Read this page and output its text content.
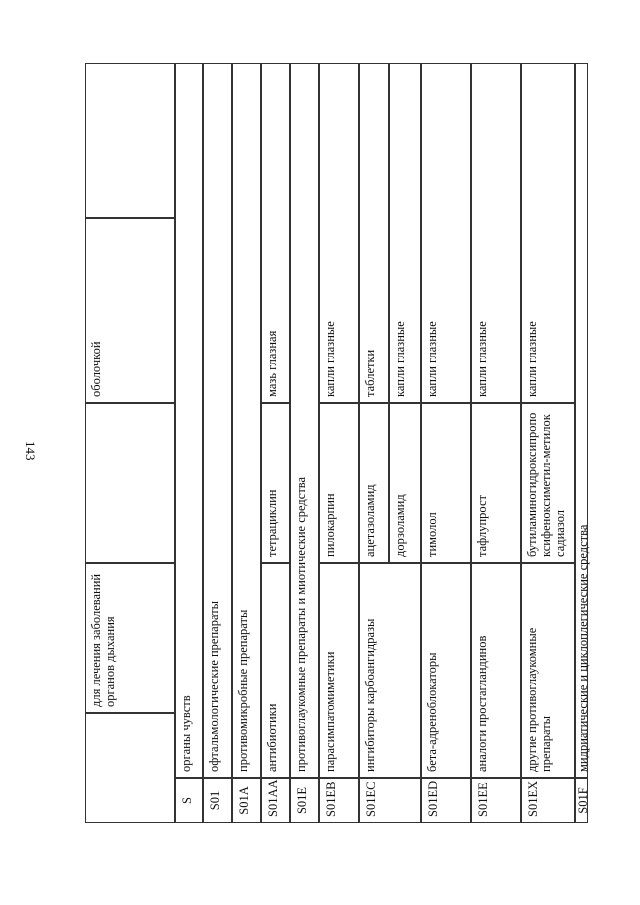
143
для лечения заболеваний органов дыхания
оболочкой
S
органы чувств
S01
офтальмологические препараты
S01A
противомикробные препараты
S01AA
антибиотики
тетрациклин
мазь глазная
S01E
противоглаукомные препараты и миотические средства
S01EB
парасимпатомиметики
пилокарпин
капли глазные
S01EC
ингибиторы карбоангидразы
ацетазоламид
таблетки
дорзоламид
капли глазные
S01ED
бета-адреноблокаторы
тимолол
капли глазные
S01EE
аналоги простагландинов
тафлупрост
капли глазные
S01EX
другие противоглаукомные препараты
бутиламиногидроксипропоксифеноксиметил-метилоксадиазол
капли глазные
S01F
мидриатические и циклоплегические средства
